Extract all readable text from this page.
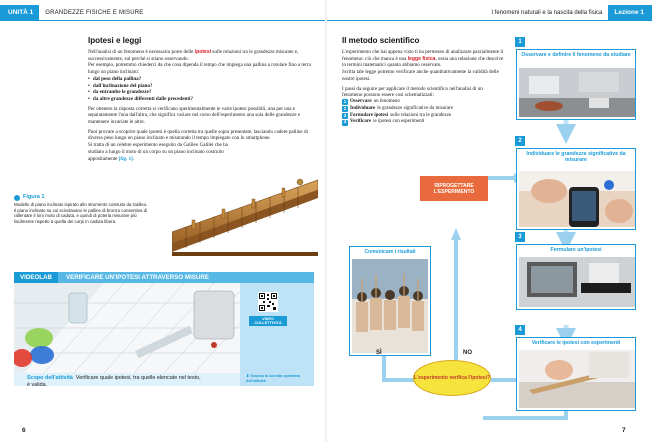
UNITÀ 1	GRANDEZZE FISICHE E MISURE	I fenomeni naturali e la nascita della fisica	Lezione 1
Ipotesi e leggi

Nell'analisi di un fenomeno è necessario porre delle ipotesi sulle relazioni tra le grandezze misurate e, successivamente, sul perché si stiano osservando.

Per esempio, potremmo chiederci da che cosa dipenda il tempo che impiega una pallina a rotolare fino a terra lungo un piano inclinato:

• dal peso della pallina?
• dall'inclinazione del piano?
• da entrambe le grandezze?
• da altre grandezze differenti dalle precedenti?

Per ottenere la risposta corretta si verificano sperimentalmente le varie ipotesi possibili, una per una e separatamente l'una dall'altra, che significa variare nel corso dell'esperimento una sola delle grandezze e mantenere invariate le altre.

Puoi provare a scoprire quale ipotesi è quella corretta tra quelle sopra presentate, lasciando cadere palline di diverso peso lungo un piano inclinato e misurando il tempo impiegato con lo smartphone.

Si tratta di un celebre esperimento eseguito da Galileo Galilei che ha studiato a lungo il moto di un corpo su un piano inclinato costruito appositamente [fig. 1].

Figura 1
Modello di piano inclinato ispirato allo strumento costruito da Galileo. Il piano inclinato su cui scivolavano le palline di bronzo consentiva di rallentare il loro moto di caduta, e quindi di poterla misurare più facilmente rispetto a quella dei corpi in caduta libera.
VIDEOLAB	VERIFICARE UN'IPOTESI ATTRAVERSO MISURE
VIDEO COLLETTIVITÀ
⬇ Scarica la scheda operativa dell'attività
Scopo dell'attività Verificare quale ipotesi, tra quelle elencate nel testo,
è valida.
6
Il metodo scientifico

L'esperimento che hai appena visto ti ha permesso di analizzare parzialmente il fenomeno: ciò che manca è una legge fisica, ossia una relazione che descrive in termini matematici quanto abbiamo osservato.

Scritta tale legge potremo verificare anche quantitativamente la validità delle nostre ipotesi.

I passi da seguire per applicare il metodo scientifico nell'analisi di un fenomeno possono essere così schematizzati:

1 Osservare un fenomeno
2 Individuare le grandezze significative da misurare
3 Formulare ipotesi sulle relazioni tra le grandezze
4 Verificare le ipotesi con esperimenti
1
Osservare e definire il fenomeno da studiare
2
Individuare le grandezze significative da misurare
3
Formulare un'ipotesi
4
Verificare le ipotesi con esperimenti
Comunicare i risultati
RIPROGETTARE L'ESPERIMENTO
L'esperimento verifica l'ipotesi?
SÌ	NO
7
